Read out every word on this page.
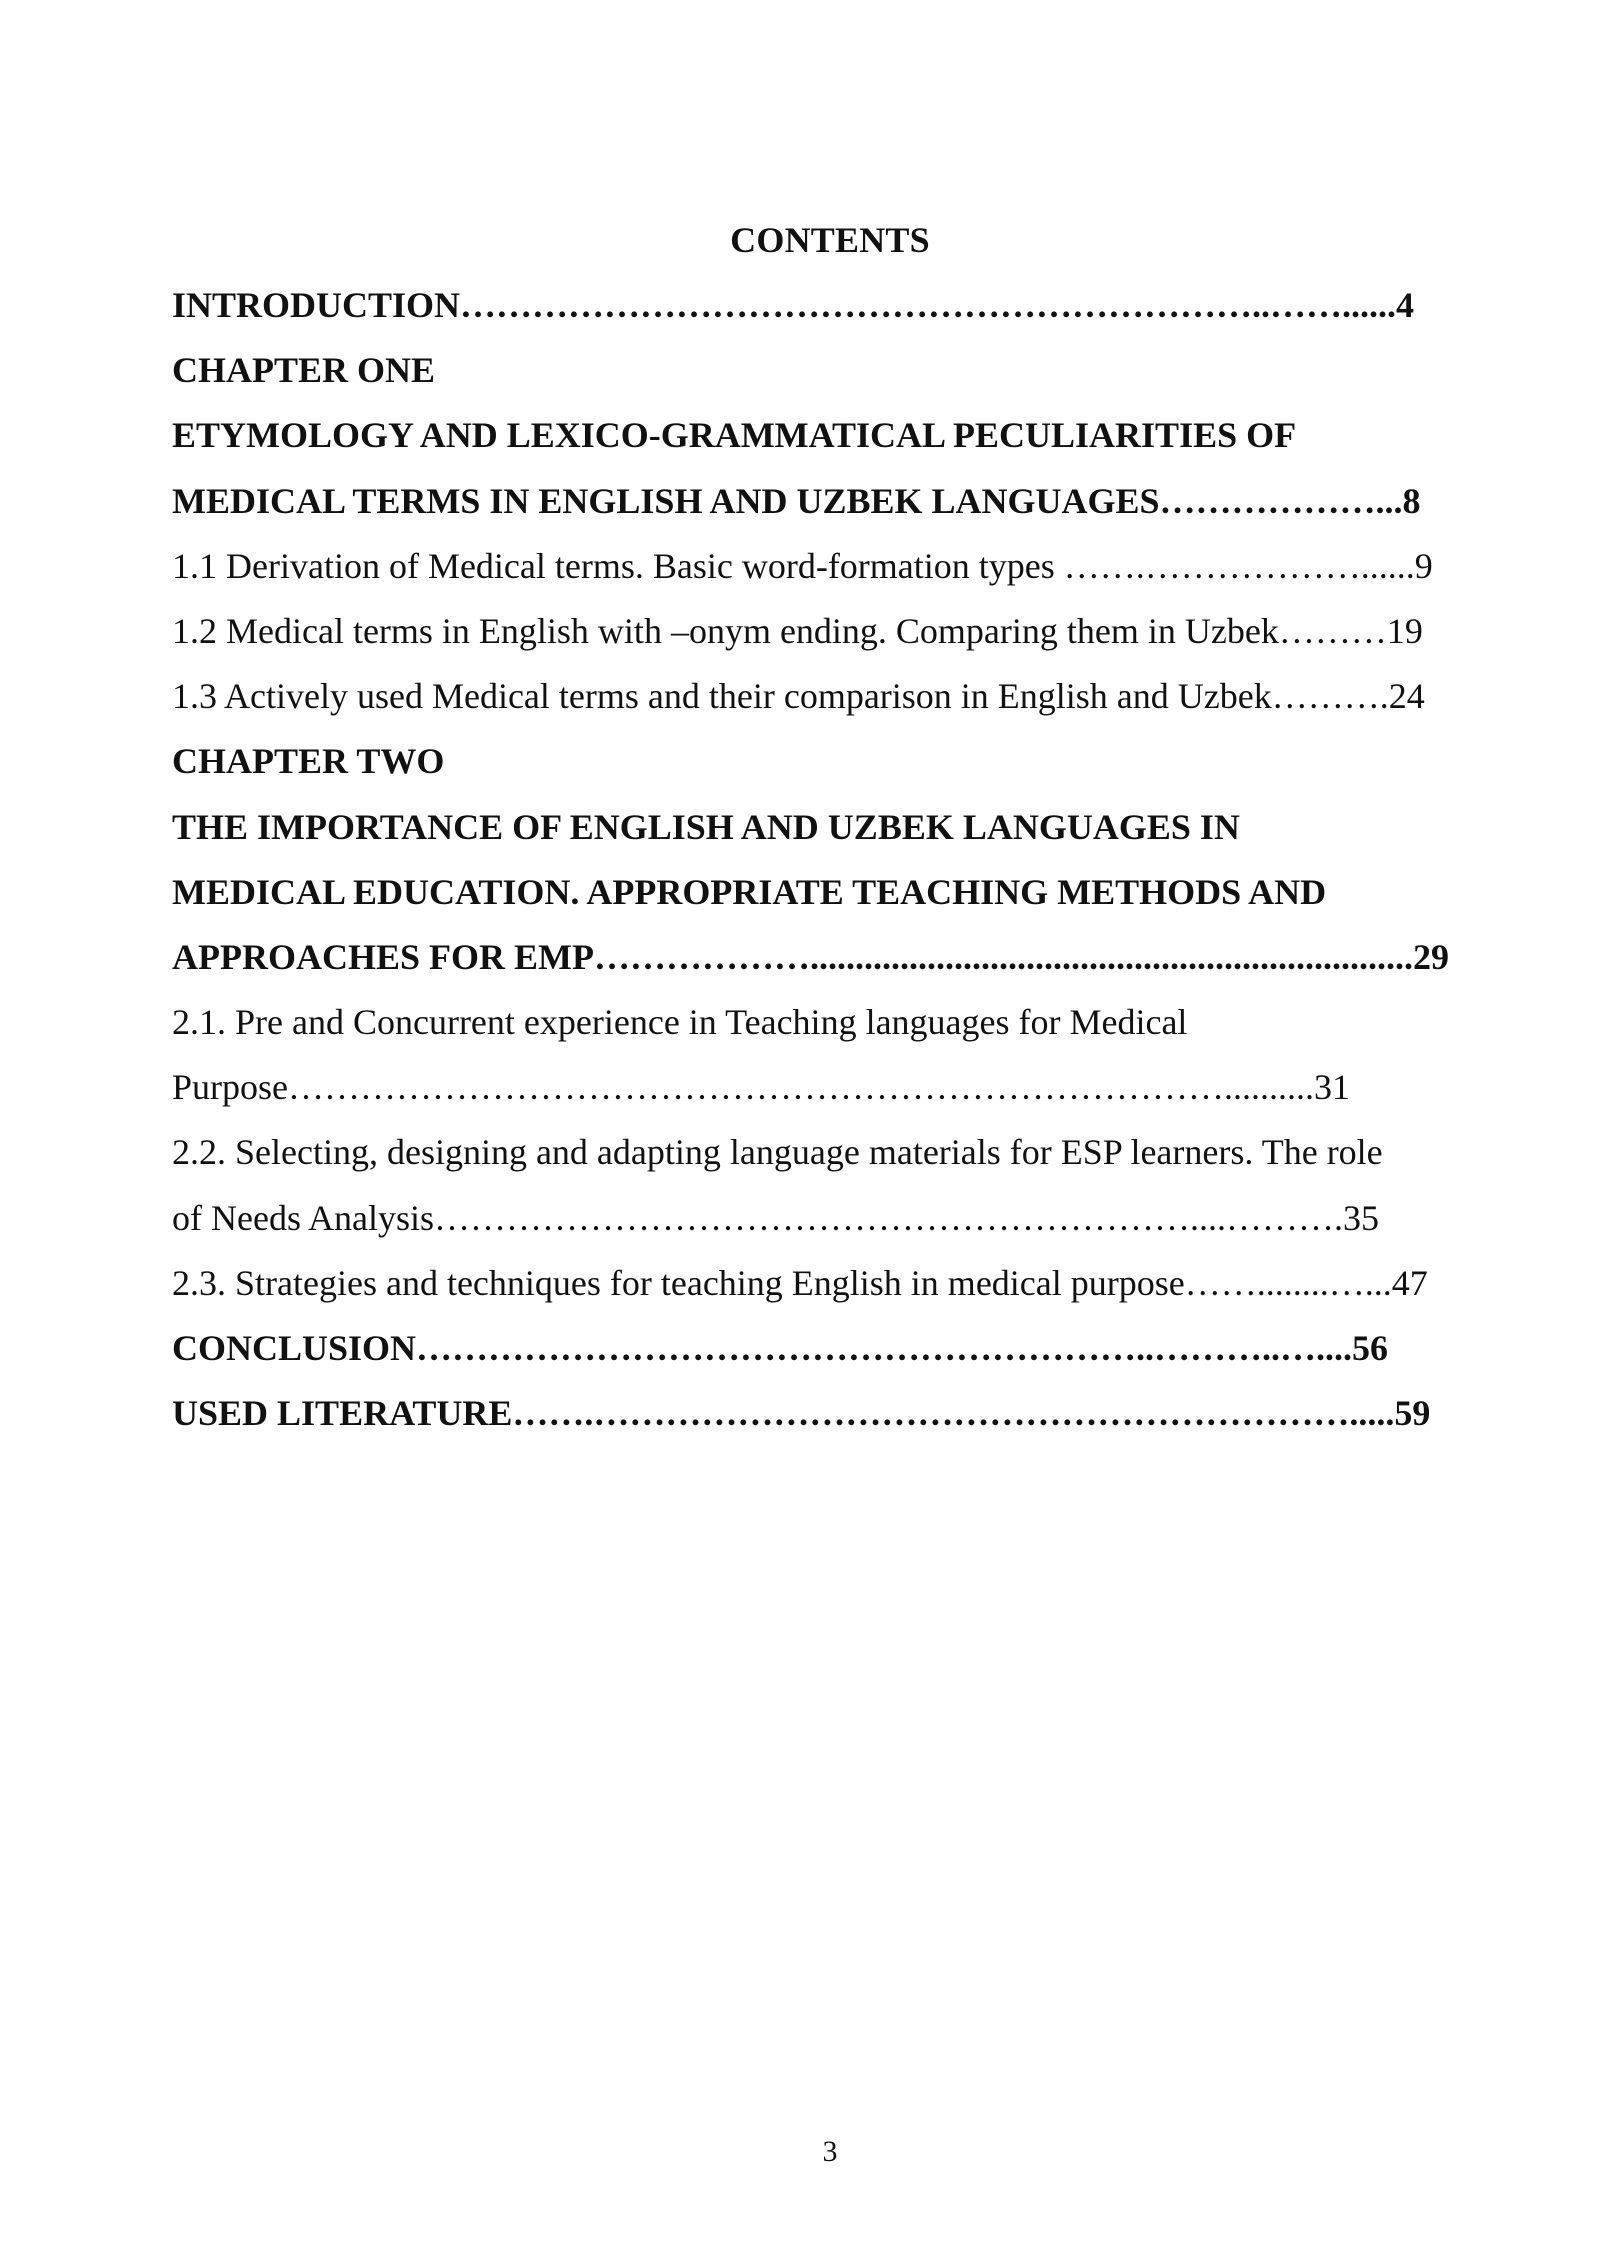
CONTENTS
INTRODUCTION…………………………………………………………..……......4
CHAPTER ONE
ETYMOLOGY AND LEXICO-GRAMMATICAL PECULIARITIES OF
MEDICAL TERMS IN ENGLISH AND UZBEK LANGUAGES………………...8
1.1 Derivation of Medical terms. Basic word-formation types …….………………......9
1.2 Medical terms in English with –onym ending. Comparing them in Uzbek………19
1.3 Actively used Medical terms and their comparison in English and Uzbek……….24
CHAPTER TWO
THE IMPORTANCE OF ENGLISH AND UZBEK LANGUAGES IN
MEDICAL EDUCATION. APPROPRIATE TEACHING METHODS AND
APPROACHES FOR EMP………………...................................................................29
2.1. Pre and Concurrent experience in Teaching languages for Medical
Purpose……………………………………………………………………..........31
2.2. Selecting, designing and adapting language materials for ESP learners. The role
of Needs Analysis………………………………………………………....……….35
2.3. Strategies and techniques for teaching English in medical purpose……........…...47
CONCLUSION……………………………………………………..………..…....56
USED LITERATURE…….……………………………………………………….....59
3
